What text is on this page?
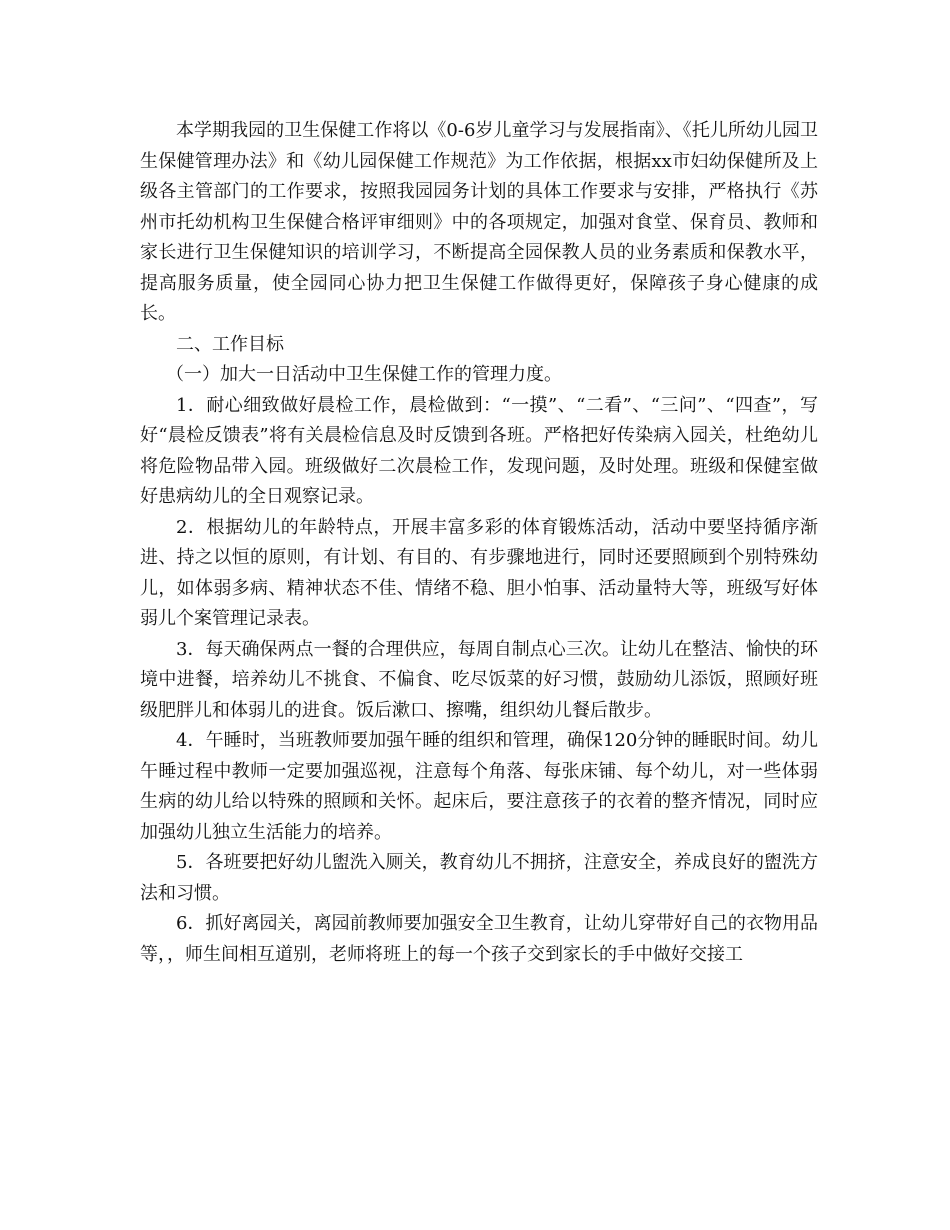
本学期我园的卫生保健工作将以《0-6岁儿童学习与发展指南》、《托儿所幼儿园卫生保健管理办法》和《幼儿园保健工作规范》为工作依据，根据xx市妇幼保健所及上级各主管部门的工作要求，按照我园园务计划的具体工作要求与安排，严格执行《苏州市托幼机构卫生保健合格评审细则》中的各项规定，加强对食堂、保育员、教师和家长进行卫生保健知识的培训学习，不断提高全园保教人员的业务素质和保教水平，提高服务质量，使全园同心协力把卫生保健工作做得更好，保障孩子身心健康的成长。

二、工作目标

（一）加大一日活动中卫生保健工作的管理力度。

1．耐心细致做好晨检工作，晨检做到：“一摸”、“二看”、“三问”、“四查”，写好“晨检反馈表”将有关晨检信息及时反馈到各班。严格把好传染病入园关，杜绝幼儿将危险物品带入园。班级做好二次晨检工作，发现问题，及时处理。班级和保健室做好患病幼儿的全日观察记录。

2．根据幼儿的年龄特点，开展丰富多彩的体育锻炼活动，活动中要坚持循序渐进、持之以恒的原则，有计划、有目的、有步骤地进行，同时还要照顾到个别特殊幼儿，如体弱多病、精神状态不佳、情绪不稳、胆小怕事、活动量特大等，班级写好体弱儿个案管理记录表。

3．每天确保两点一餐的合理供应，每周自制点心三次。让幼儿在整洁、愉快的环境中进餐，培养幼儿不挑食、不偏食、吃尽饭菜的好习惯，鼓励幼儿添饭，照顾好班级肥胖儿和体弱儿的进食。饭后漱口、擦嘴，组织幼儿餐后散步。

4．午睡时，当班教师要加强午睡的组织和管理，确保120分钟的睡眠时间。幼儿午睡过程中教师一定要加强巡视，注意每个角落、每张床铺、每个幼儿，对一些体弱生病的幼儿给以特殊的照顾和关怀。起床后，要注意孩子的衣着的整齐情况，同时应加强幼儿独立生活能力的培养。

5．各班要把好幼儿盥洗入厕关，教育幼儿不拥挤，注意安全，养成良好的盥洗方法和习惯。

6．抓好离园关，离园前教师要加强安全卫生教育，让幼儿穿带好自己的衣物用品等，，师生间相互道别，老师将班上的每一个孩子交到家长的手中做好交接工
